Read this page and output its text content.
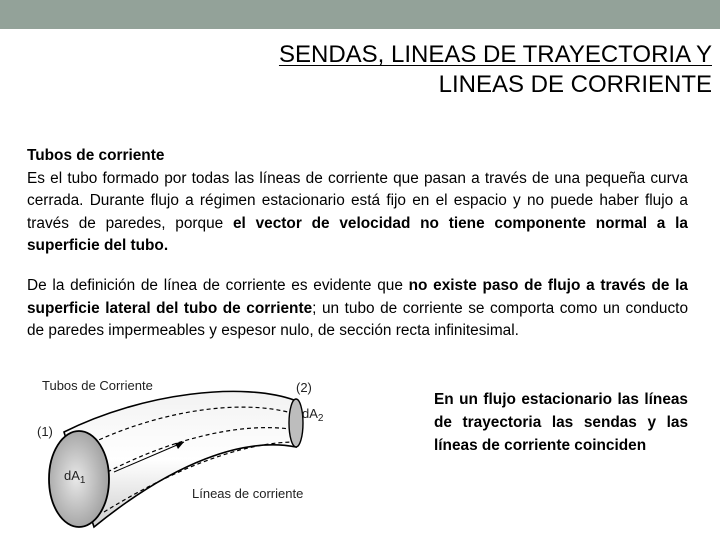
SENDAS, LINEAS DE TRAYECTORIA Y
LINEAS DE CORRIENTE
Tubos de corriente
Es el tubo formado por todas las líneas de corriente que pasan a través de una pequeña curva cerrada. Durante flujo a régimen estacionario está fijo en el espacio y no puede haber flujo a través de paredes, porque el vector de velocidad no tiene componente normal a la superficie del tubo.
De la definición de línea de corriente es evidente que no existe paso de flujo a través de la superficie lateral del tubo de corriente; un tubo de corriente se comporta como un conducto de paredes impermeables y espesor nulo, de sección recta infinitesimal.
Tubos de Corriente	(2)
$dA_2$
(1)
$dA_1$
Líneas de corriente
En un flujo estacionario las líneas de trayectoria las sendas y las líneas de corriente coinciden
